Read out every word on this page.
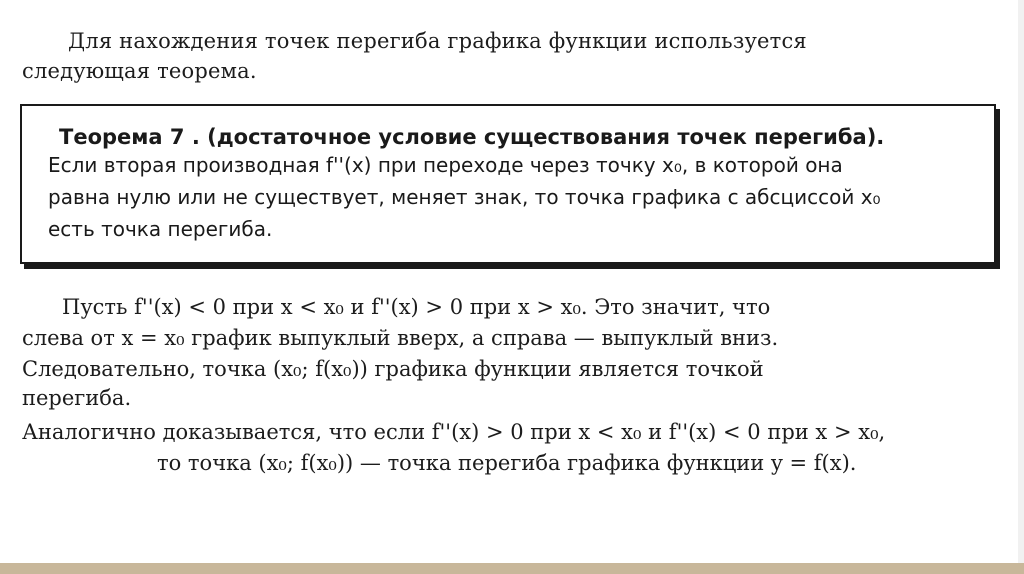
Для нахождения точек перегиба графика функции используется

следующая теорема.

Теорема 7 . (достаточное условие существования точек перегиба).

Если вторая производная f''(x) при переходе через точку x₀, в которой она

равна нулю или не существует, меняет знак, то точка графика с абсциссой x₀

есть точка перегиба.

Пусть f''(x) < 0 при x < x₀ и f''(x) > 0 при x > x₀. Это значит, что

слева от x = x₀ график выпуклый вверх, а справа — выпуклый вниз.

Следовательно, точка (x₀; f(x₀)) графика функции является точкой

перегиба.

Аналогично доказывается, что если f''(x) > 0 при x < x₀ и f''(x) < 0 при x > x₀,

то точка (x₀; f(x₀)) — точка перегиба графика функции y = f(x).
